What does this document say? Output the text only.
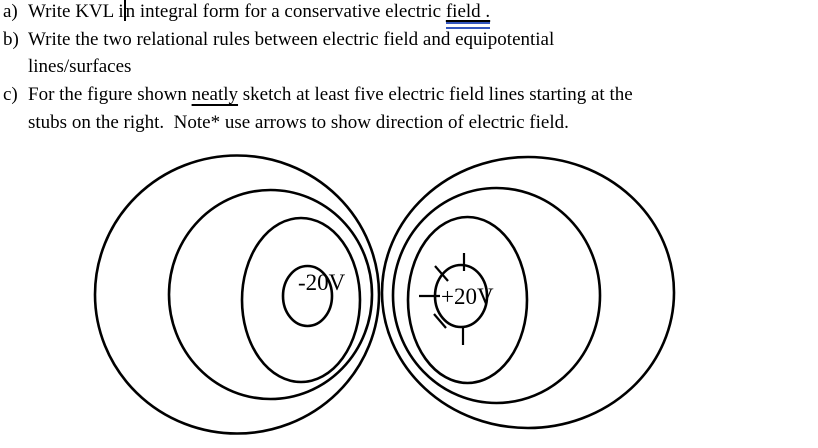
a) Write KVL i n integral form for a conservative electric field .
b) Write the two relational rules between electric field and equipotential
lines/surfaces
c) For the figure shown neatly sketch at least five electric field lines starting at the
stubs on the right.  Note* use arrows to show direction of electric field.
-20V
+20V
